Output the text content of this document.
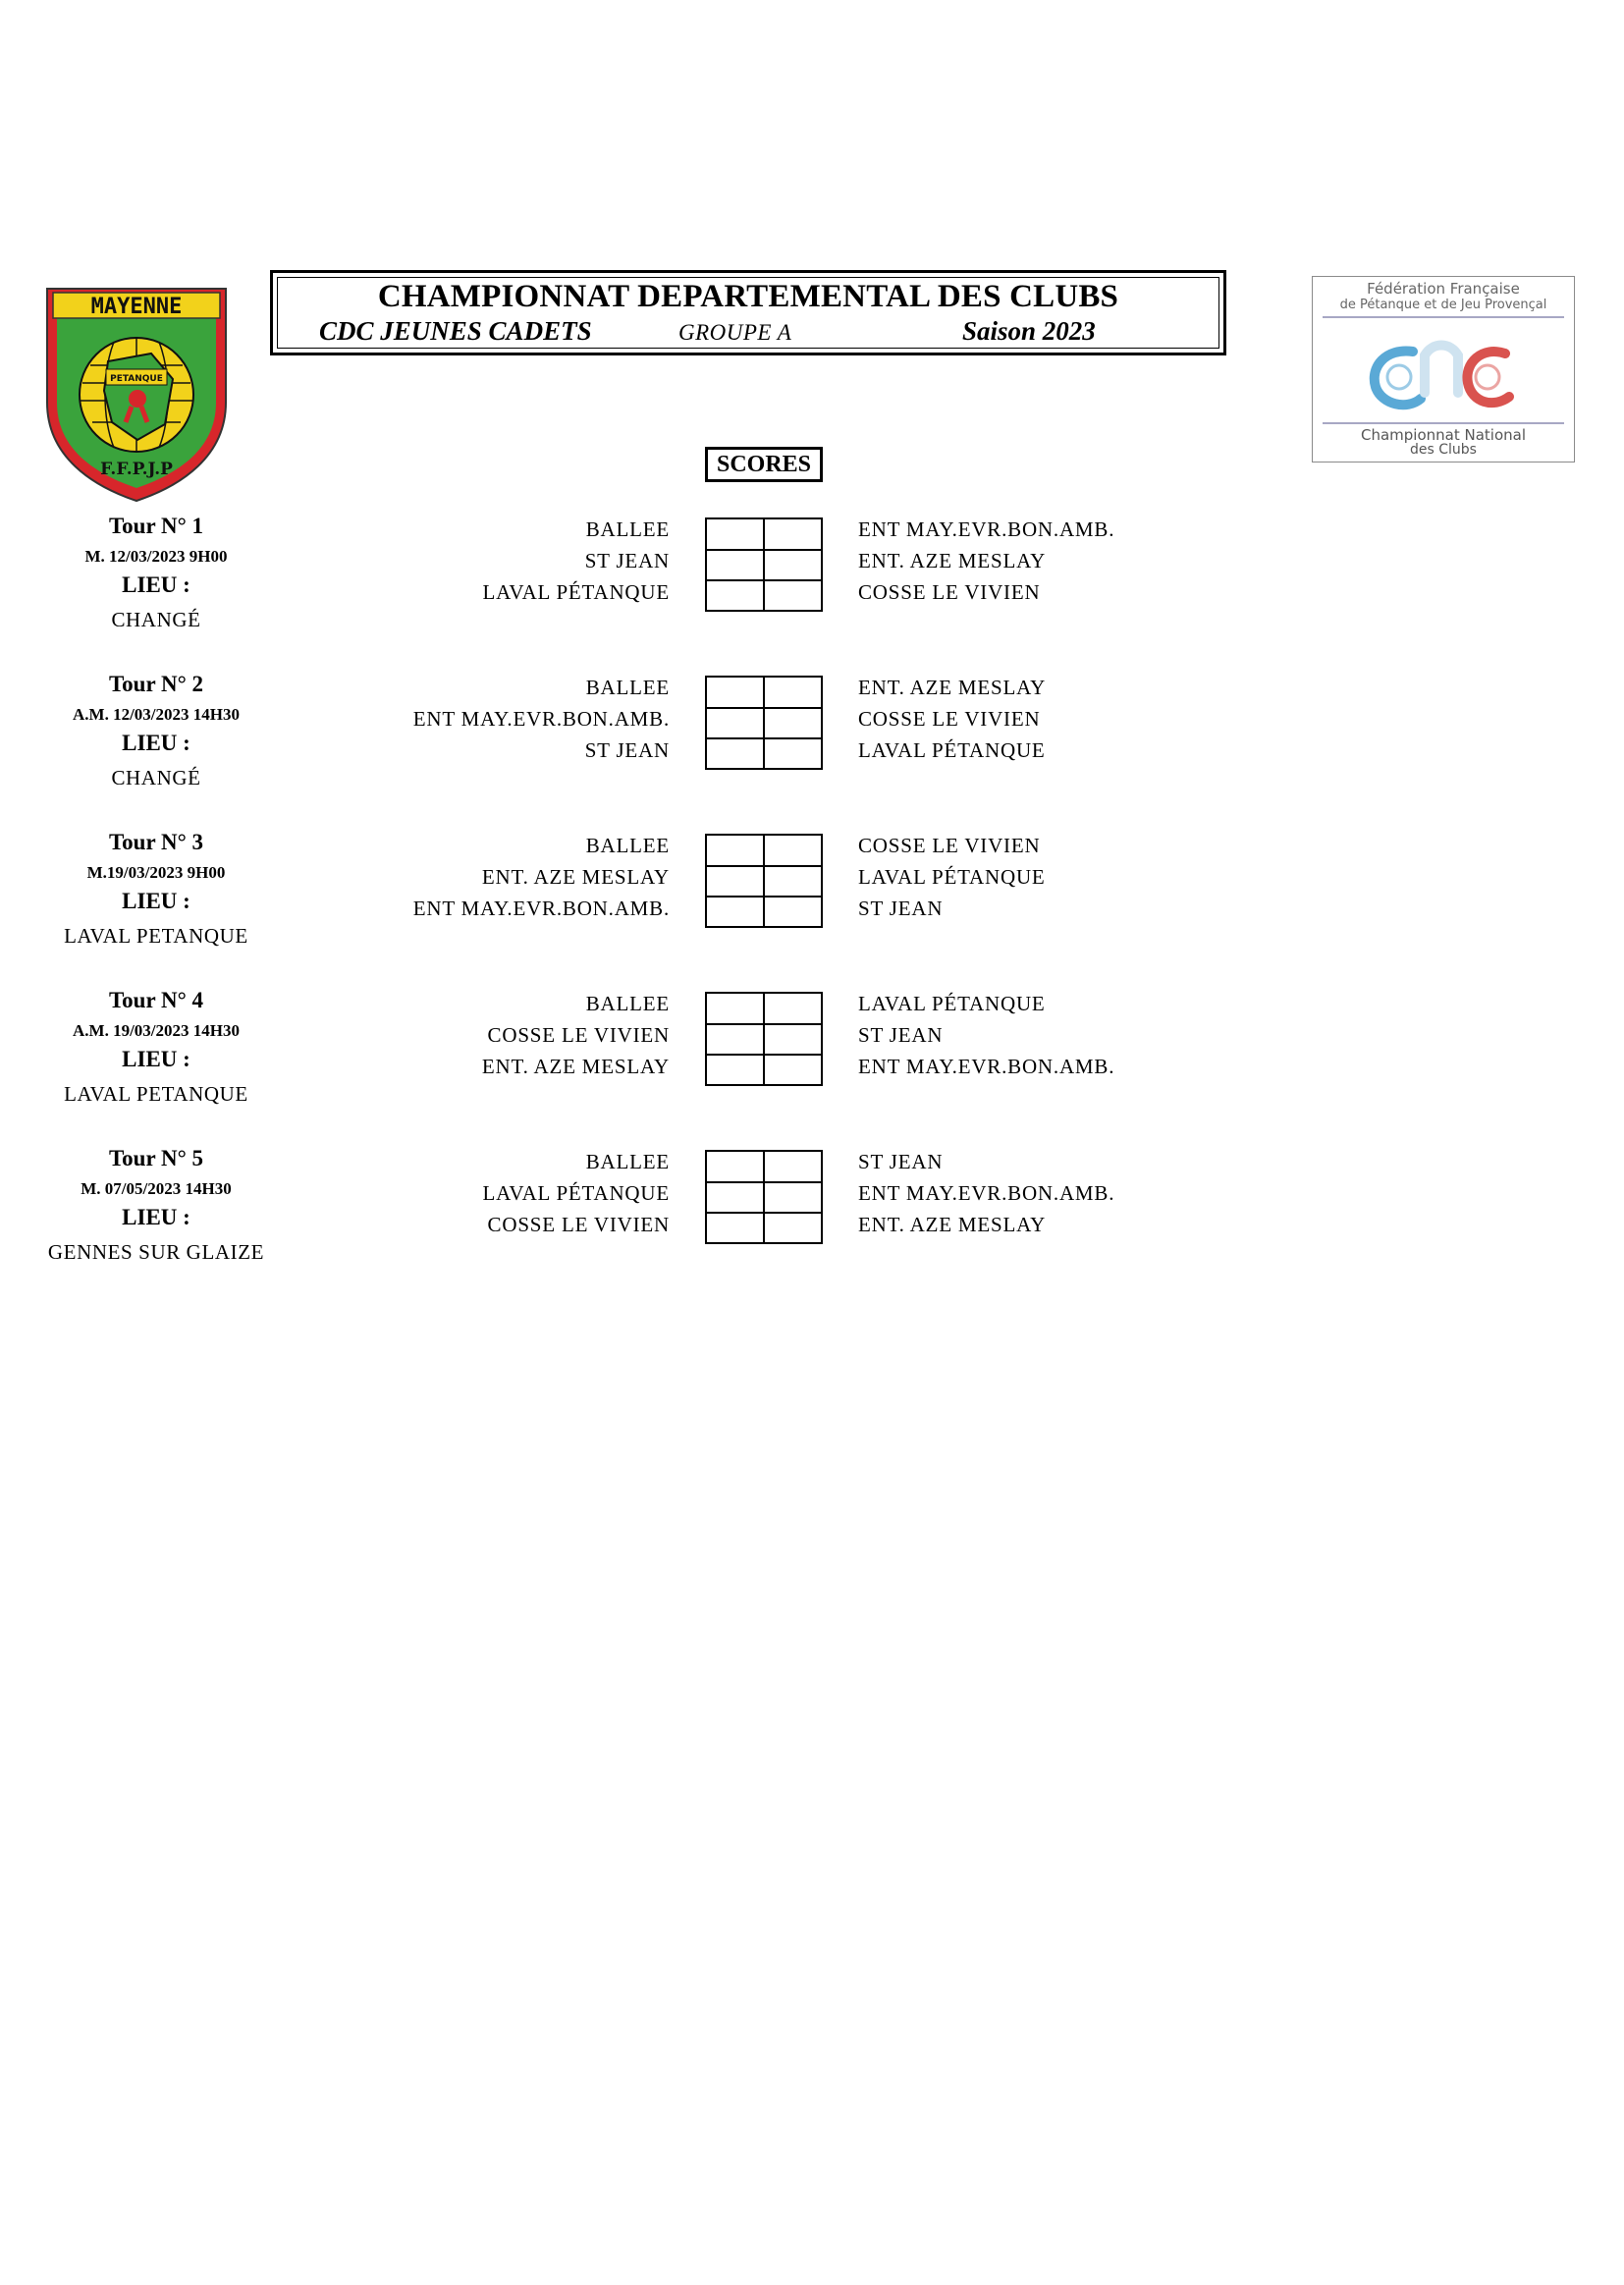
MAYENNE
PETANQUE
F.F.P.J.P
CHAMPIONNAT DEPARTEMENTAL DES CLUBS
CDC JEUNES CADETS	GROUPE A	Saison 2023
Fédération Française
de Pétanque et de Jeu Provençal
Championnat National
des Clubs
SCORES
Tour N° 1
M. 12/03/2023 9H00
LIEU :
CHANGÉ
BALLEE
ST JEAN
LAVAL PÉTANQUE
ENT MAY.EVR.BON.AMB.
ENT. AZE MESLAY
COSSE LE VIVIEN
Tour N° 2
A.M. 12/03/2023 14H30
LIEU :
CHANGÉ
BALLEE
ENT MAY.EVR.BON.AMB.
ST JEAN
ENT. AZE MESLAY
COSSE LE VIVIEN
LAVAL PÉTANQUE
Tour N° 3
M.19/03/2023 9H00
LIEU :
LAVAL PETANQUE
BALLEE
ENT. AZE MESLAY
ENT MAY.EVR.BON.AMB.
COSSE LE VIVIEN
LAVAL PÉTANQUE
ST JEAN
Tour N° 4
A.M. 19/03/2023 14H30
LIEU :
LAVAL PETANQUE
BALLEE
COSSE LE VIVIEN
ENT. AZE MESLAY
LAVAL PÉTANQUE
ST JEAN
ENT MAY.EVR.BON.AMB.
Tour N° 5
M. 07/05/2023 14H30
LIEU :
GENNES SUR GLAIZE
BALLEE
LAVAL PÉTANQUE
COSSE LE VIVIEN
ST JEAN
ENT MAY.EVR.BON.AMB.
ENT. AZE MESLAY
